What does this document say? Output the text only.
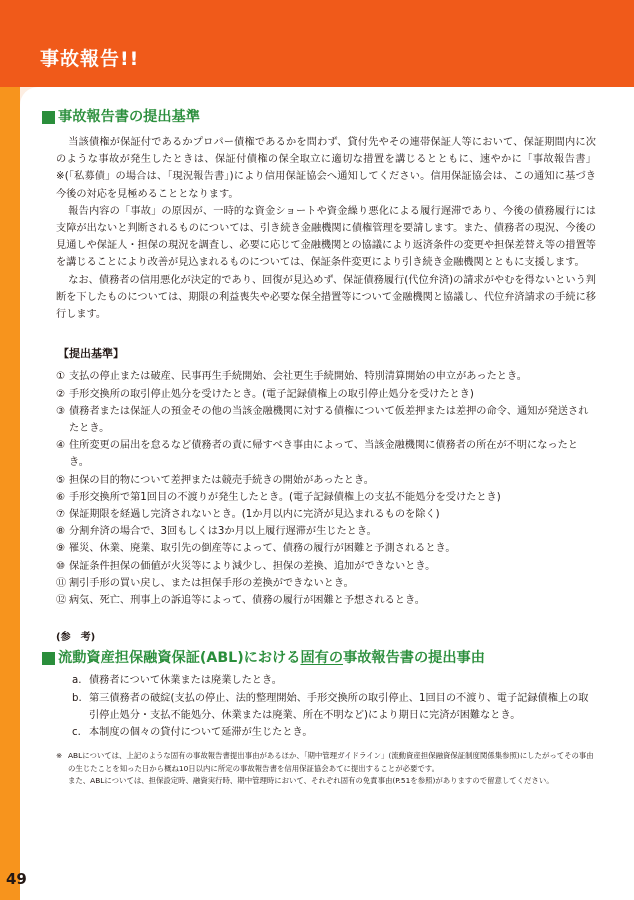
事故報告!!
49
事故報告書の提出基準

当該債権が保証付であるかプロパー債権であるかを問わず、貸付先やその連帯保証人等において、保証期間内に次のような事故が発生したときは、保証付債権の保全取立に適切な措置を講じるとともに、速やかに「事故報告書」※(「私募債」の場合は、「現況報告書」)により信用保証協会へ通知してください。信用保証協会は、この通知に基づき今後の対応を見極めることとなります。

報告内容の「事故」の原因が、一時的な資金ショートや資金繰り悪化による履行遅滞であり、今後の債務履行には支障が出ないと判断されるものについては、引き続き金融機関に債権管理を要請します。また、債務者の現況、今後の見通しや保証人・担保の現況を調査し、必要に応じて金融機関との協議により返済条件の変更や担保差替え等の措置等を講じることにより改善が見込まれるものについては、保証条件変更により引き続き金融機関とともに支援します。

なお、債務者の信用悪化が決定的であり、回復が見込めず、保証債務履行(代位弁済)の請求がやむを得ないという判断を下したものについては、期限の利益喪失や必要な保全措置等について金融機関と協議し、代位弁済請求の手続に移行します。

【提出基準】
① 支払の停止または破産、民事再生手続開始、会社更生手続開始、特別清算開始の申立があったとき。
② 手形交換所の取引停止処分を受けたとき。(電子記録債権上の取引停止処分を受けたとき)
③ 債務者または保証人の預金その他の当該金融機関に対する債権について仮差押または差押の命令、通知が発送されたとき。
④ 住所変更の届出を怠るなど債務者の責に帰すべき事由によって、当該金融機関に債務者の所在が不明になったとき。
⑤ 担保の目的物について差押または競売手続きの開始があったとき。
⑥ 手形交換所で第1回目の不渡りが発生したとき。(電子記録債権上の支払不能処分を受けたとき)
⑦ 保証期限を経過し完済されないとき。(1か月以内に完済が見込まれるものを除く)
⑧ 分割弁済の場合で、3回もしくは3か月以上履行遅滞が生じたとき。
⑨ 罹災、休業、廃業、取引先の倒産等によって、債務の履行が困難と予測されるとき。
⑩ 保証条件担保の価値が火災等により減少し、担保の差換、追加ができないとき。
⑪ 割引手形の買い戻し、または担保手形の差換ができないとき。
⑫ 病気、死亡、刑事上の訴追等によって、債務の履行が困難と予想されるとき。
(参　考)
流動資産担保融資保証(ABL)における 固有の 事故報告書の提出事由
a. 債務者について休業または廃業したとき。
b. 第三債務者の破綻(支払の停止、法的整理開始、手形交換所の取引停止、1回目の不渡り、電子記録債権上の取引停止処分・支払不能処分、休業または廃業、所在不明など)により期日に完済が困難なとき。
c. 本制度の個々の貸付について延滞が生じたとき。
※ ABLについては、上記のような固有の事故報告書提出事由があるほか、「期中管理ガイドライン」(流動資産担保融資保証制度関係集参照)にしたがってその事由の生じたことを知った日から概ね10日以内に所定の事故報告書を信用保証協会あてに提出することが必要です。
また、ABLについては、担保設定時、融資実行時、期中管理時において、それぞれ固有の免責事由(P.51を参照)がありますので留意してください。
